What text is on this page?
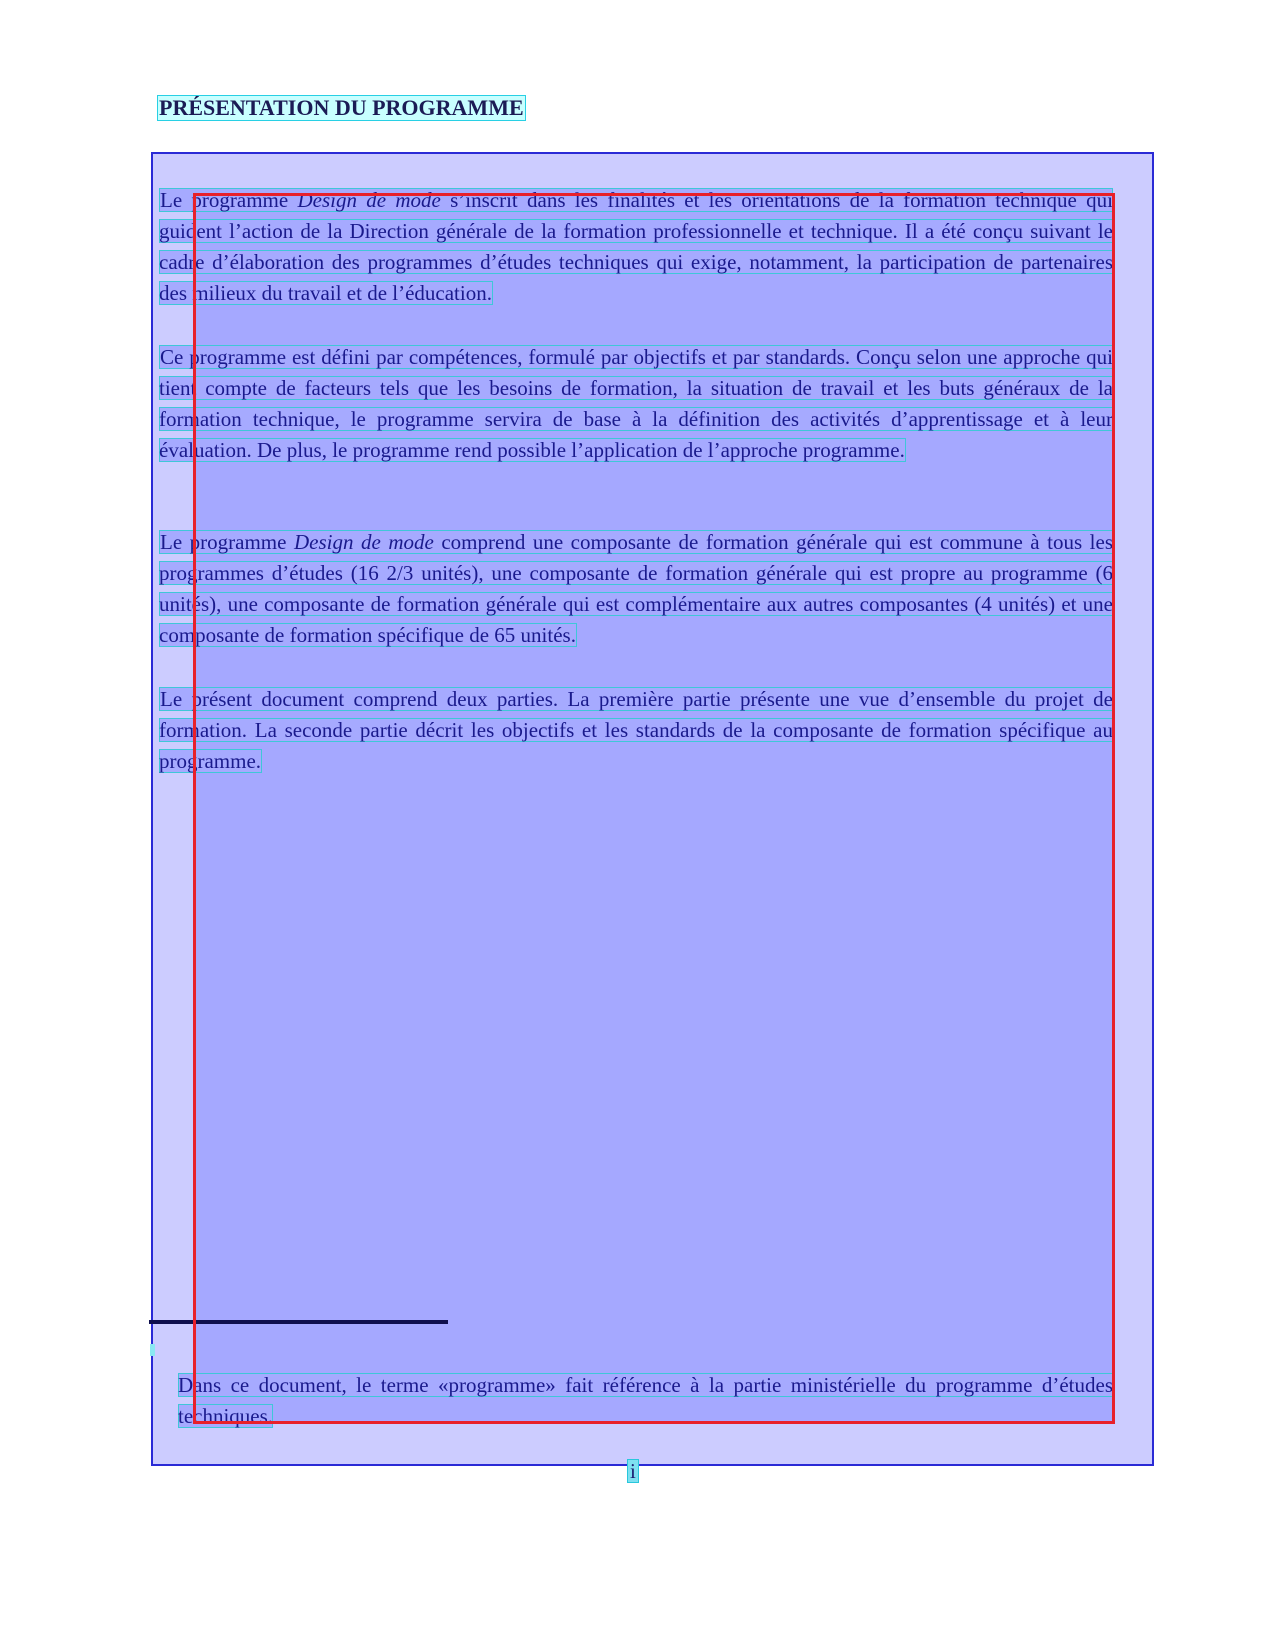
PRÉSENTATION DU PROGRAMME

Le programme Design de mode s’inscrit dans les finalités et les orientations de la formation technique qui guident l’action de la Direction générale de la formation professionnelle et technique. Il a été conçu suivant le cadre d’élaboration des programmes d’études techniques qui exige, notamment, la participation de partenaires des milieux du travail et de l’éducation.

Ce programme est défini par compétences, formulé par objectifs et par standards. Conçu selon une approche qui tient compte de facteurs tels que les besoins de formation, la situation de travail et les buts généraux de la formation technique, le programme servira de base à la définition des activités d’apprentissage et à leur évaluation. De plus, le programme rend possible l’application de l’approche programme.

Le programme Design de mode comprend une composante de formation générale qui est commune à tous les programmes d’études (16 2/3 unités), une composante de formation générale qui est propre au programme (6 unités), une composante de formation générale qui est complémentaire aux autres composantes (4 unités) et une composante de formation spécifique de 65 unités.

Le présent document comprend deux parties. La première partie présente une vue d’ensemble du projet de formation. La seconde partie décrit les objectifs et les standards de la composante de formation spécifique au programme.

Dans ce document, le terme «programme» fait référence à la partie ministérielle du programme d’études techniques.

i
